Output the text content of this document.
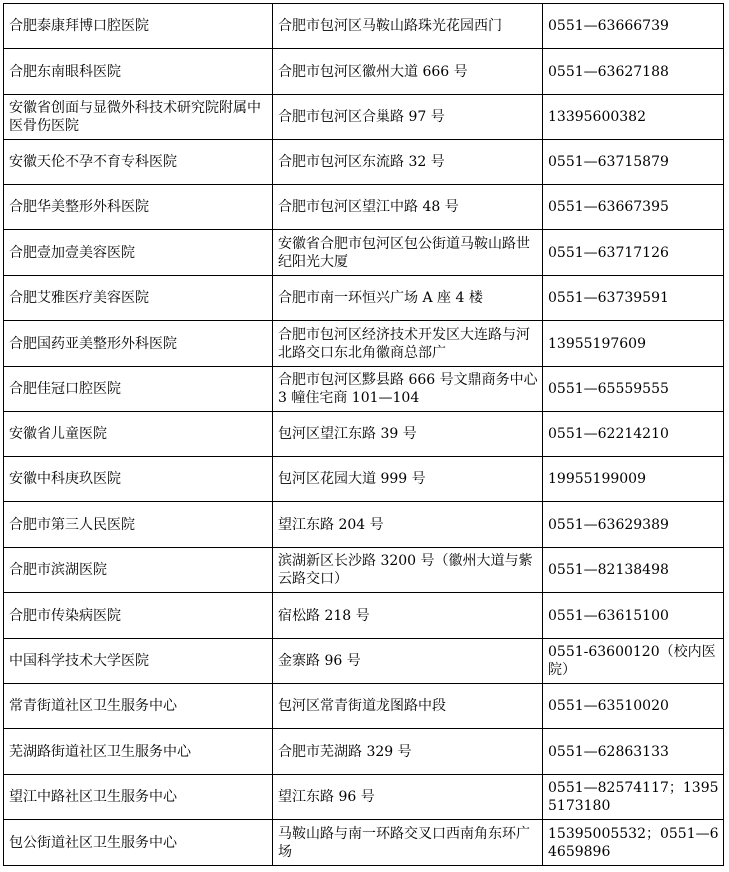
合肥泰康拜博口腔医院	合肥市包河区马鞍山路珠光花园西门	0551—63666739
合肥东南眼科医院	合肥市包河区徽州大道 666 号	0551—63627188
安徽省创面与显微外科技术研究院附属中医骨伤医院	合肥市包河区合巢路 97 号	13395600382
安徽天伦不孕不育专科医院	合肥市包河区东流路 32 号	0551—63715879
合肥华美整形外科医院	合肥市包河区望江中路 48 号	0551—63667395
合肥壹加壹美容医院	安徽省合肥市包河区包公街道马鞍山路世纪阳光大厦	0551—63717126
合肥艾雅医疗美容医院	合肥市南一环恒兴广场 A 座 4 楼	0551—63739591
合肥国药亚美整形外科医院	合肥市包河区经济技术开发区大连路与河北路交口东北角徽商总部广	13955197609
合肥佳冠口腔医院	合肥市包河区黟县路 666 号文鼎商务中心 3 幢住宅商 101—104	0551—65559555
安徽省儿童医院	包河区望江东路 39 号	0551—62214210
安徽中科庚玖医院	包河区花园大道 999 号	19955199009
合肥市第三人民医院	望江东路 204 号	0551—63629389
合肥市滨湖医院	滨湖新区长沙路 3200 号（徽州大道与紫云路交口）	0551—82138498
合肥市传染病医院	宿松路 218 号	0551—63615100
中国科学技术大学医院	金寨路 96 号	0551-63600120（校内医院）
常青街道社区卫生服务中心	包河区常青街道龙图路中段	0551—63510020
芜湖路街道社区卫生服务中心	合肥市芜湖路 329 号	0551—62863133
望江中路社区卫生服务中心	望江东路 96 号	0551—82574117；13955173180
包公街道社区卫生服务中心	马鞍山路与南一环路交叉口西南角东环广场	15395005532；0551—64659896
